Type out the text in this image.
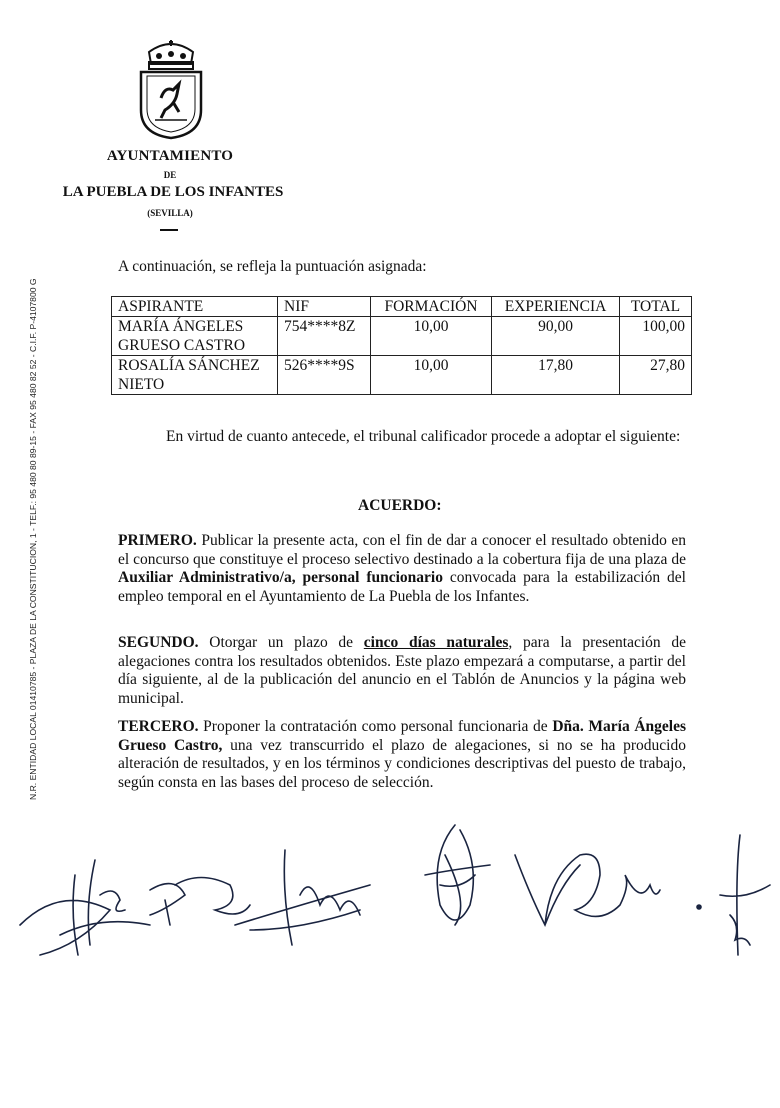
AYUNTAMIENTO
DE
LA PUEBLA DE LOS INFANTES
(SEVILLA)
N.R. ENTIDAD LOCAL 01410785 - PLAZA DE LA CONSTITUCION, 1 - TELF.: 95 480 80 89-15 - FAX 95 480 82 52 - C.I.F. P-4107800 G
A continuación, se refleja la puntuación asignada:
ASPIRANTE	NIF	FORMACIÓN	EXPERIENCIA	TOTAL
MARÍA ÁNGELES
GRUESO CASTRO	754****8Z	10,00	90,00	100,00
ROSALÍA SÁNCHEZ
NIETO	526****9S	10,00	17,80	27,80
En virtud de cuanto antecede, el tribunal calificador procede a adoptar el siguiente:
ACUERDO:
PRIMERO. Publicar la presente acta, con el fin de dar a conocer el resultado obtenido en el concurso que constituye el proceso selectivo destinado a la cobertura fija de una plaza de Auxiliar Administrativo/a, personal funcionario convocada para la estabilización del empleo temporal en el Ayuntamiento de La Puebla de los Infantes.
SEGUNDO. Otorgar un plazo de cinco días naturales, para la presentación de alegaciones contra los resultados obtenidos. Este plazo empezará a computarse, a partir del día siguiente, al de la publicación del anuncio en el Tablón de Anuncios y la página web municipal.
TERCERO. Proponer la contratación como personal funcionaria de Dña. María Ángeles Grueso Castro, una vez transcurrido el plazo de alegaciones, si no se ha producido alteración de resultados, y en los términos y condiciones descriptivas del puesto de trabajo, según consta en las bases del proceso de selección.
